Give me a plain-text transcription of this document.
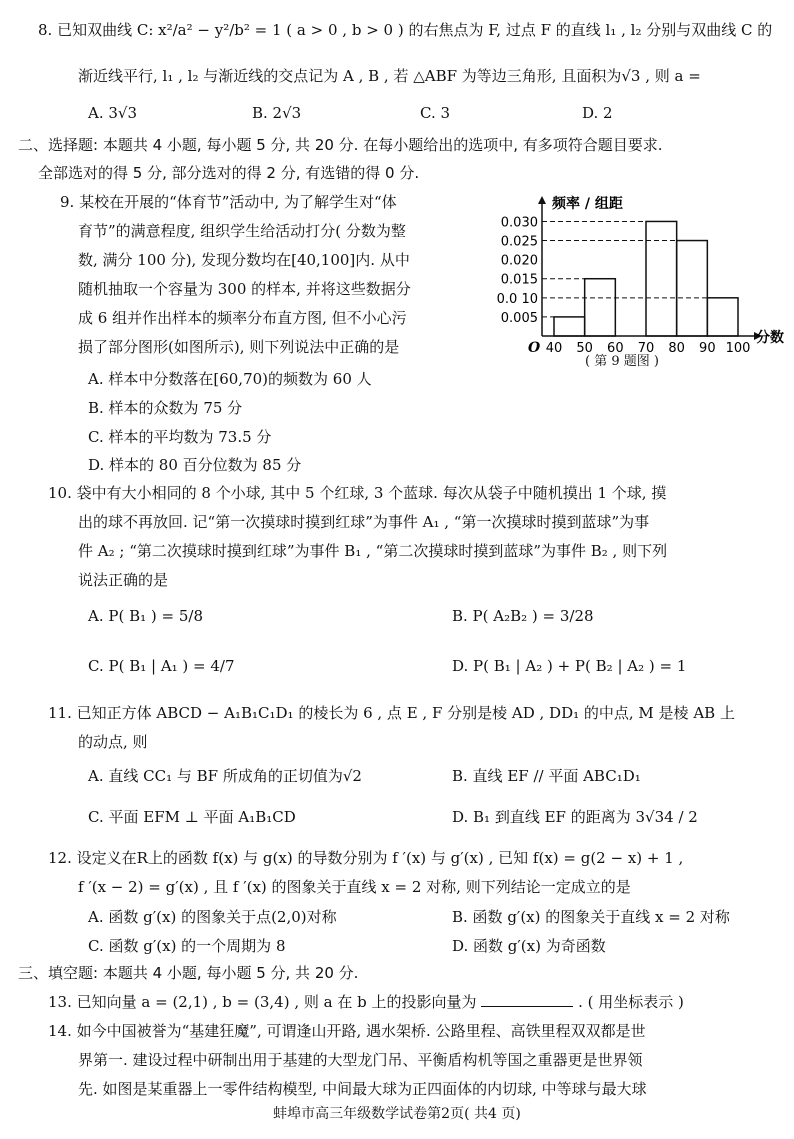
8. 已知双曲线 C: x²/a² − y²/b² = 1 ( a > 0 , b > 0 ) 的右焦点为 F, 过点 F 的直线 l₁ , l₂ 分别与双曲线 C 的
渐近线平行, l₁ , l₂ 与渐近线的交点记为 A , B , 若 △ABF 为等边三角形, 且面积为√3 , 则 a =
A. 3√3	B. 2√3	C. 3	D. 2
二、选择题: 本题共 4 小题, 每小题 5 分, 共 20 分. 在每小题给出的选项中, 有多项符合题目要求.
全部选对的得 5 分, 部分选对的得 2 分, 有选错的得 0 分.
9. 某校在开展的“体育节”活动中, 为了解学生对“体
育节”的满意程度, 组织学生给活动打分( 分数为整
数, 满分 100 分), 发现分数均在[40,100]内. 从中
随机抽取一个容量为 300 的样本, 并将这些数据分
成 6 组并作出样本的频率分布直方图, 但不小心污
损了部分图形(如图所示), 则下列说法中正确的是
频率 / 组距
分数
O
0.030
0.025
0.020
0.015
0.0 10
0.005
40 50 60 70 80 90 100
( 第 9 题图 )
A. 样本中分数落在[60,70)的频数为 60 人
B. 样本的众数为 75 分
C. 样本的平均数为 73.5 分
D. 样本的 80 百分位数为 85 分
10. 袋中有大小相同的 8 个小球, 其中 5 个红球, 3 个蓝球. 每次从袋子中随机摸出 1 个球, 摸
出的球不再放回. 记“第一次摸球时摸到红球”为事件 A₁ , “第一次摸球时摸到蓝球”为事
件 A₂ ; “第二次摸球时摸到红球”为事件 B₁ , “第二次摸球时摸到蓝球”为事件 B₂ , 则下列
说法正确的是
A. P( B₁ ) = 5/8	B. P( A₂B₂ ) = 3/28
C. P( B₁ | A₁ ) = 4/7	D. P( B₁ | A₂ ) + P( B₂ | A₂ ) = 1
11. 已知正方体 ABCD − A₁B₁C₁D₁ 的棱长为 6 , 点 E , F 分别是棱 AD , DD₁ 的中点, M 是棱 AB 上
的动点, 则
A. 直线 CC₁ 与 BF 所成角的正切值为√2	B. 直线 EF // 平面 ABC₁D₁
C. 平面 EFM ⊥ 平面 A₁B₁CD	D. B₁ 到直线 EF 的距离为 3√34 / 2
12. 设定义在R上的函数 f(x) 与 g(x) 的导数分别为 f ′(x) 与 g′(x) , 已知 f(x) = g(2 − x) + 1 ,
f ′(x − 2) = g′(x) , 且 f ′(x) 的图象关于直线 x = 2 对称, 则下列结论一定成立的是
A. 函数 g′(x) 的图象关于点(2,0)对称	B. 函数 g′(x) 的图象关于直线 x = 2 对称
C. 函数 g′(x) 的一个周期为 8	D. 函数 g′(x) 为奇函数
三、填空题: 本题共 4 小题, 每小题 5 分, 共 20 分.
13. 已知向量 a = (2,1) , b = (3,4) , 则 a 在 b 上的投影向量为	. ( 用坐标表示 )
14. 如今中国被誉为“基建狂魔”, 可谓逢山开路, 遇水架桥. 公路里程、高铁里程双双都是世
界第一. 建设过程中研制出用于基建的大型龙门吊、平衡盾构机等国之重器更是世界领
先. 如图是某重器上一零件结构模型, 中间最大球为正四面体的内切球, 中等球与最大球
蚌埠市高三年级数学试卷第2页( 共4 页)
